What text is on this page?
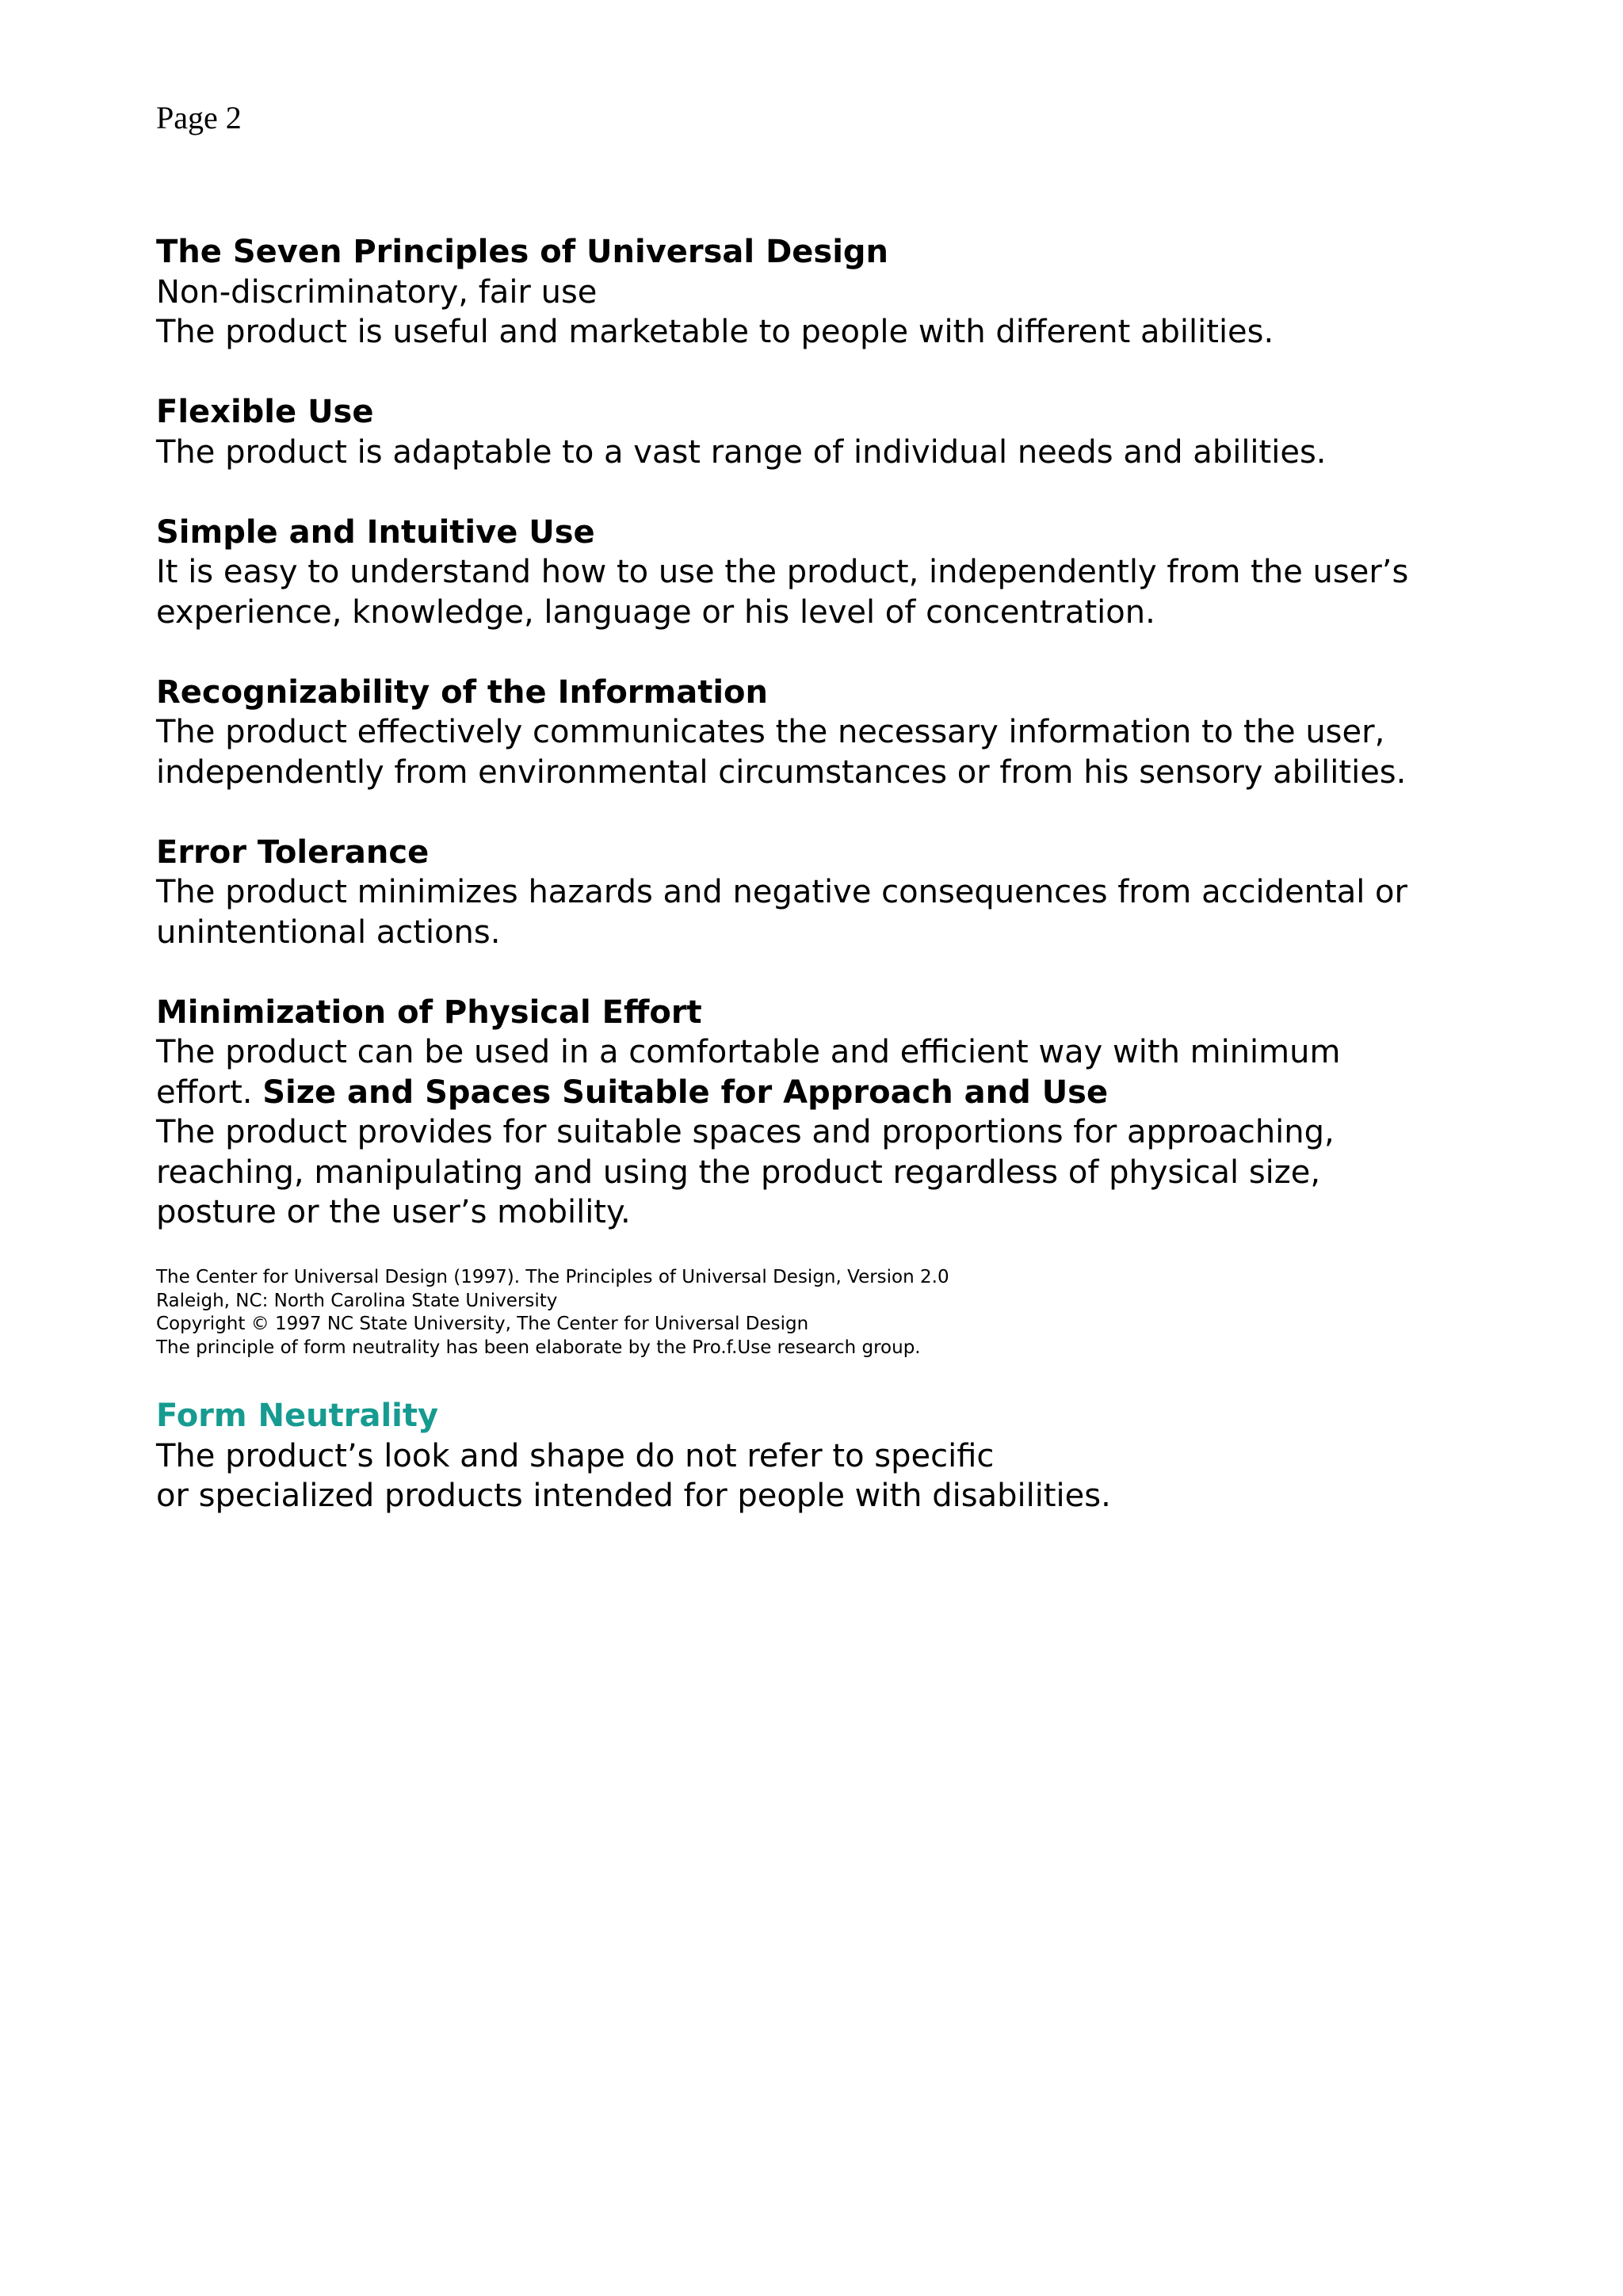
Page 2
The Seven Principles of Universal Design
Non-discriminatory, fair use
The product is useful and marketable to people with different abilities.
Flexible Use
The product is adaptable to a vast range of individual needs and abilities.
Simple and Intuitive Use
It is easy to understand how to use the product, independently from the user’s
experience, knowledge, language or his level of concentration.
Recognizability of the Information
The product effectively communicates the necessary information to the user,
independently from environmental circumstances or from his sensory abilities.
Error Tolerance
The product minimizes hazards and negative consequences from accidental or
unintentional actions.
Minimization of Physical Effort
The product can be used in a comfortable and efficient way with minimum
effort. Size and Spaces Suitable for Approach and Use
The product provides for suitable spaces and proportions for approaching,
reaching, manipulating and using the product regardless of physical size,
posture or the user’s mobility.
The Center for Universal Design (1997). The Principles of Universal Design, Version 2.0
Raleigh, NC: North Carolina State University
Copyright © 1997 NC State University, The Center for Universal Design
The principle of form neutrality has been elaborate by the Pro.f.Use research group.
Form Neutrality
The product’s look and shape do not refer to specific
or specialized products intended for people with disabilities.
